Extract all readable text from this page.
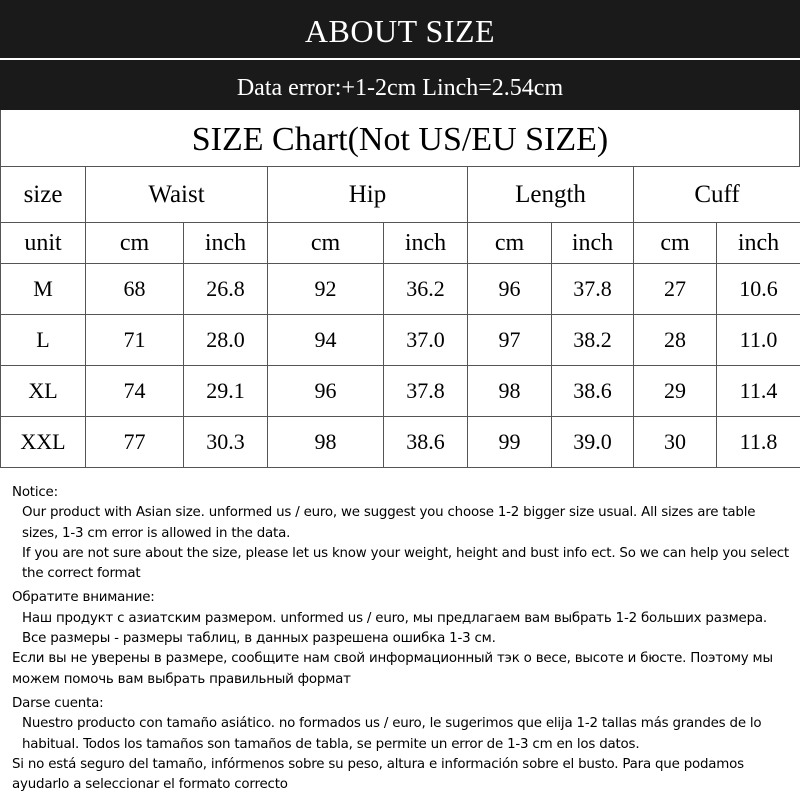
ABOUT SIZE
Data error:+1-2cm Linch=2.54cm
SIZE Chart(Not US/EU SIZE)
size	Waist		Hip		Length		Cuff	
unit	cm	inch	cm	inch	cm	inch	cm	inch
M	68	26.8	92	36.2	96	37.8	27	10.6
L	71	28.0	94	37.0	97	38.2	28	11.0
XL	74	29.1	96	37.8	98	38.6	29	11.4
XXL	77	30.3	98	38.6	99	39.0	30	11.8

Notice:

Our product with Asian size. unformed us / euro, we suggest you choose 1-2 bigger size usual. All sizes are table sizes, 1-3 cm error is allowed in the data.

If you are not sure about the size, please let us know your weight, height and bust info ect. So we can help you select the correct format

Обратите внимание:

Наш продукт с азиатским размером. unformed us / euro, мы предлагаем вам выбрать 1-2 больших размера. Все размеры - размеры таблиц, в данных разрешена ошибка 1-3 см.

Если вы не уверены в размере, сообщите нам свой информационный тэк о весе, высоте и бюсте. Поэтому мы можем помочь вам выбрать правильный формат

Darse cuenta:

Nuestro producto con tamaño asiático. no formados us / euro, le sugerimos que elija 1-2 tallas más grandes de lo habitual. Todos los tamaños son tamaños de tabla, se permite un error de 1-3 cm en los datos.

Si no está seguro del tamaño, infórmenos sobre su peso, altura e información sobre el busto. Para que podamos ayudarlo a seleccionar el formato correcto
